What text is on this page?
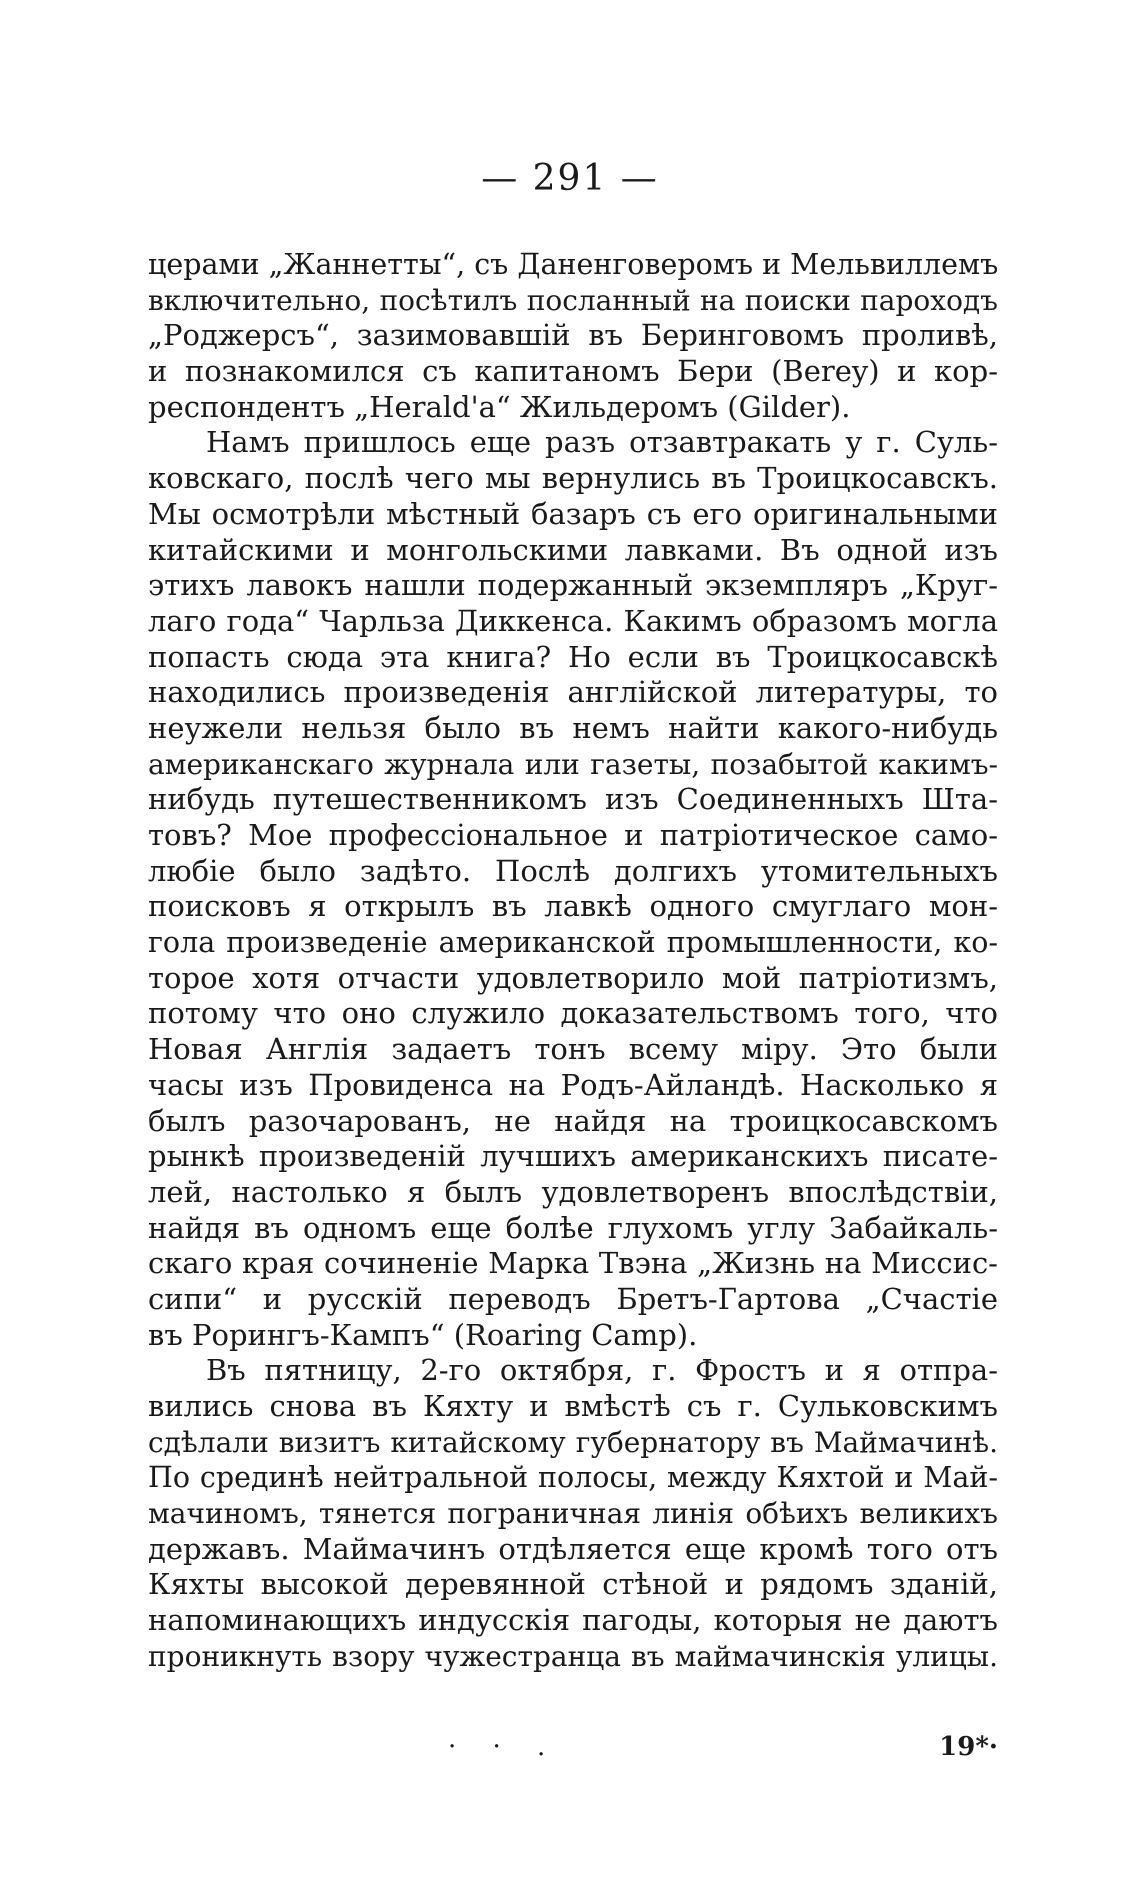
— 291 —
церами „Жаннетты“, съ Даненговеромъ и Мельвиллемъ
включительно, посѣтилъ посланный на поиски пароходъ
„Роджерсъ“, зазимовавшій въ Беринговомъ проливѣ,
и познакомился съ капитаномъ Бери (Berey) и кор-
респондентъ „Herald'a“ Жильдеромъ (Gilder).
Намъ пришлось еще разъ отзавтракать у г. Суль-
ковскаго, послѣ чего мы вернулись въ Троицкосавскъ.
Мы осмотрѣли мѣстный базаръ съ его оригинальными
китайскими и монгольскими лавками. Въ одной изъ
этихъ лавокъ нашли подержанный экземпляръ „Круг-
лаго года“ Чарльза Диккенса. Какимъ образомъ могла
попасть сюда эта книга? Но если въ Троицкосавскѣ
находились произведенія англійской литературы, то
неужели нельзя было въ немъ найти какого-нибудь
американскаго журнала или газеты, позабытой какимъ-
нибудь путешественникомъ изъ Соединенныхъ Шта-
товъ? Мое профессіональное и патріотическое само-
любіе было задѣто. Послѣ долгихъ утомительныхъ
поисковъ я открылъ въ лавкѣ одного смуглаго мон-
гола произведеніе американской промышленности, ко-
торое хотя отчасти удовлетворило мой патріотизмъ,
потому что оно служило доказательствомъ того, что
Новая Англія задаетъ тонъ всему міру. Это были
часы изъ Провиденса на Родъ-Айландѣ. Насколько я
былъ разочарованъ, не найдя на троицкосавскомъ
рынкѣ произведеній лучшихъ американскихъ писате-
лей, настолько я былъ удовлетворенъ впослѣдствіи,
найдя въ одномъ еще болѣе глухомъ углу Забайкаль-
скаго края сочиненіе Марка Твэна „Жизнь на Миссис-
сипи“ и русскій переводъ Бретъ-Гартова „Счастіе
въ Рорингъ-Кампъ“ (Roaring Camp).
Въ пятницу, 2-го октября, г. Фростъ и я отпра-
вились снова въ Кяхту и вмѣстѣ съ г. Сульковскимъ
сдѣлали визитъ китайскому губернатору въ Маймачинѣ.
По срединѣ нейтральной полосы, между Кяхтой и Май-
мачиномъ, тянется пограничная линія обѣихъ великихъ
державъ. Маймачинъ отдѣляется еще кромѣ того отъ
Кяхты высокой деревянной стѣной и рядомъ зданій,
напоминающихъ индусскія пагоды, которыя не даютъ
проникнуть взору чужестранца въ маймачинскія улицы.
· · .	19*·
